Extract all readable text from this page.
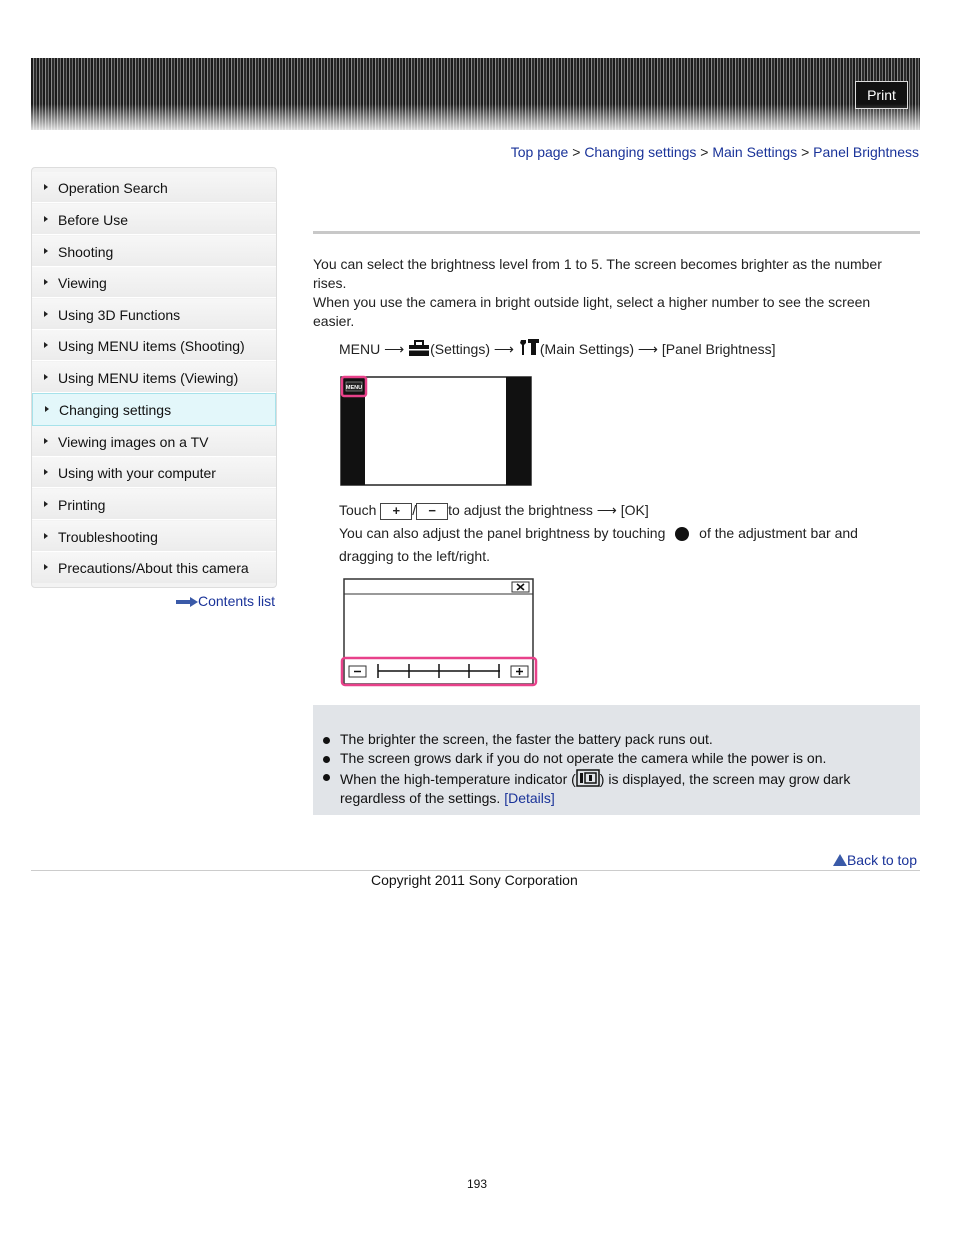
Print
Top page > Changing settings > Main Settings > Panel Brightness
Operation Search
Before Use
Shooting
Viewing
Using 3D Functions
Using MENU items (Shooting)
Using MENU items (Viewing)
Changing settings
Viewing images on a TV
Using with your computer
Printing
Troubleshooting
Precautions/About this camera
Contents list
You can select the brightness level from 1 to 5. The screen becomes brighter as the number rises.
When you use the camera in bright outside light, select a higher number to see the screen easier.
MENU ⟶ (Settings) ⟶ (Main Settings) ⟶ [Panel Brightness]
MENU
Touch + / − to adjust the brightness ⟶ [OK]
You can also adjust the panel brightness by touching of the adjustment bar and
dragging to the left/right.
The brighter the screen, the faster the battery pack runs out.
The screen grows dark if you do not operate the camera while the power is on.
When the high-temperature indicator ( ) is displayed, the screen may grow dark
regardless of the settings. [Details]
Back to top
Copyright 2011 Sony Corporation
193
